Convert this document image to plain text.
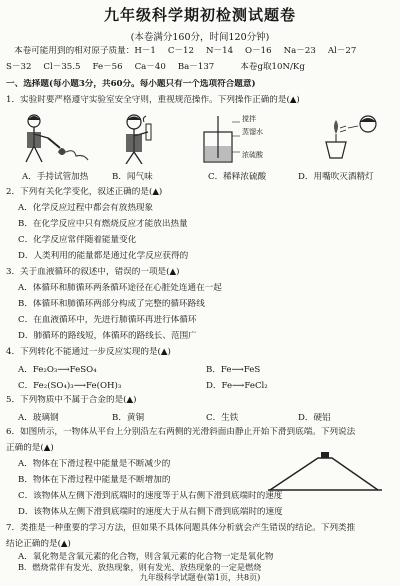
九年级科学期初检测试题卷
(本卷满分160分，时间120分钟)
本卷可能用到的相对原子质量：H－1 C－12 N－14 O－16 Na－23 Al－27
S－32 Cl－35.5 Fe－56 Ca－40 Ba－137	本卷g取10N/Kg
一、选择题(每小题3分，共60分。每小题只有一个选项符合题意)
1．实验时要严格遵守实验室安全守则，重视规范操作。下列操作正确的是(▲)
搅拌
蒸馏水
浓硫酸
A．手持试管加热	B．闻气味	C．稀释浓硫酸	D．用嘴吹灭酒精灯
2．下列有关化学变化，叙述正确的是(▲)
A．化学反应过程中都会有放热现象
B．在化学反应中只有燃烧反应才能放出热量
C．化学反应常伴随着能量变化
D．人类利用的能量都是通过化学反应获得的
3．关于血液循环的叙述中，错误的一项是(▲)
A．体循环和肺循环两条循环途径在心脏处连通在一起
B．体循环和肺循环两部分构成了完整的循环路线
C．在血液循环中，先进行肺循环再进行体循环
D．肺循环的路线短，体循环的路线长、范围广
4．下列转化不能通过一步反应实现的是(▲)
A．Fe₂O₃⟶FeSO₄	B．Fe⟶FeS
C．Fe₂(SO₄)₃⟶Fe(OH)₃	D．Fe⟶FeCl₂
5．下列物质中不属于合金的是(▲)
A．玻璃钢	B．黄铜	C．生铁	D．硬铝
6．如图所示，一物体从平台上分别沿左右两侧的光滑斜面由静止开始下滑到底端。下列说法
正确的是(▲)
A．物体在下滑过程中能量是不断减少的
B．物体在下滑过程中能量是不断增加的
C．该物体从左侧下滑到底端时的速度等于从右侧下滑到底端时的速度
D．该物体从左侧下滑到底端时的速度大于从右侧下滑到底端时的速度
7．类推是一种重要的学习方法，但如果不具体问题具体分析就会产生错误的结论。下列类推
结论正确的是(▲)
A．氧化物是含氧元素的化合物，则含氧元素的化合物一定是氧化物
B．燃烧常伴有发光、放热现象，则有发光、放热现象的一定是燃烧
九年级科学试题卷(第1页，共8页)
